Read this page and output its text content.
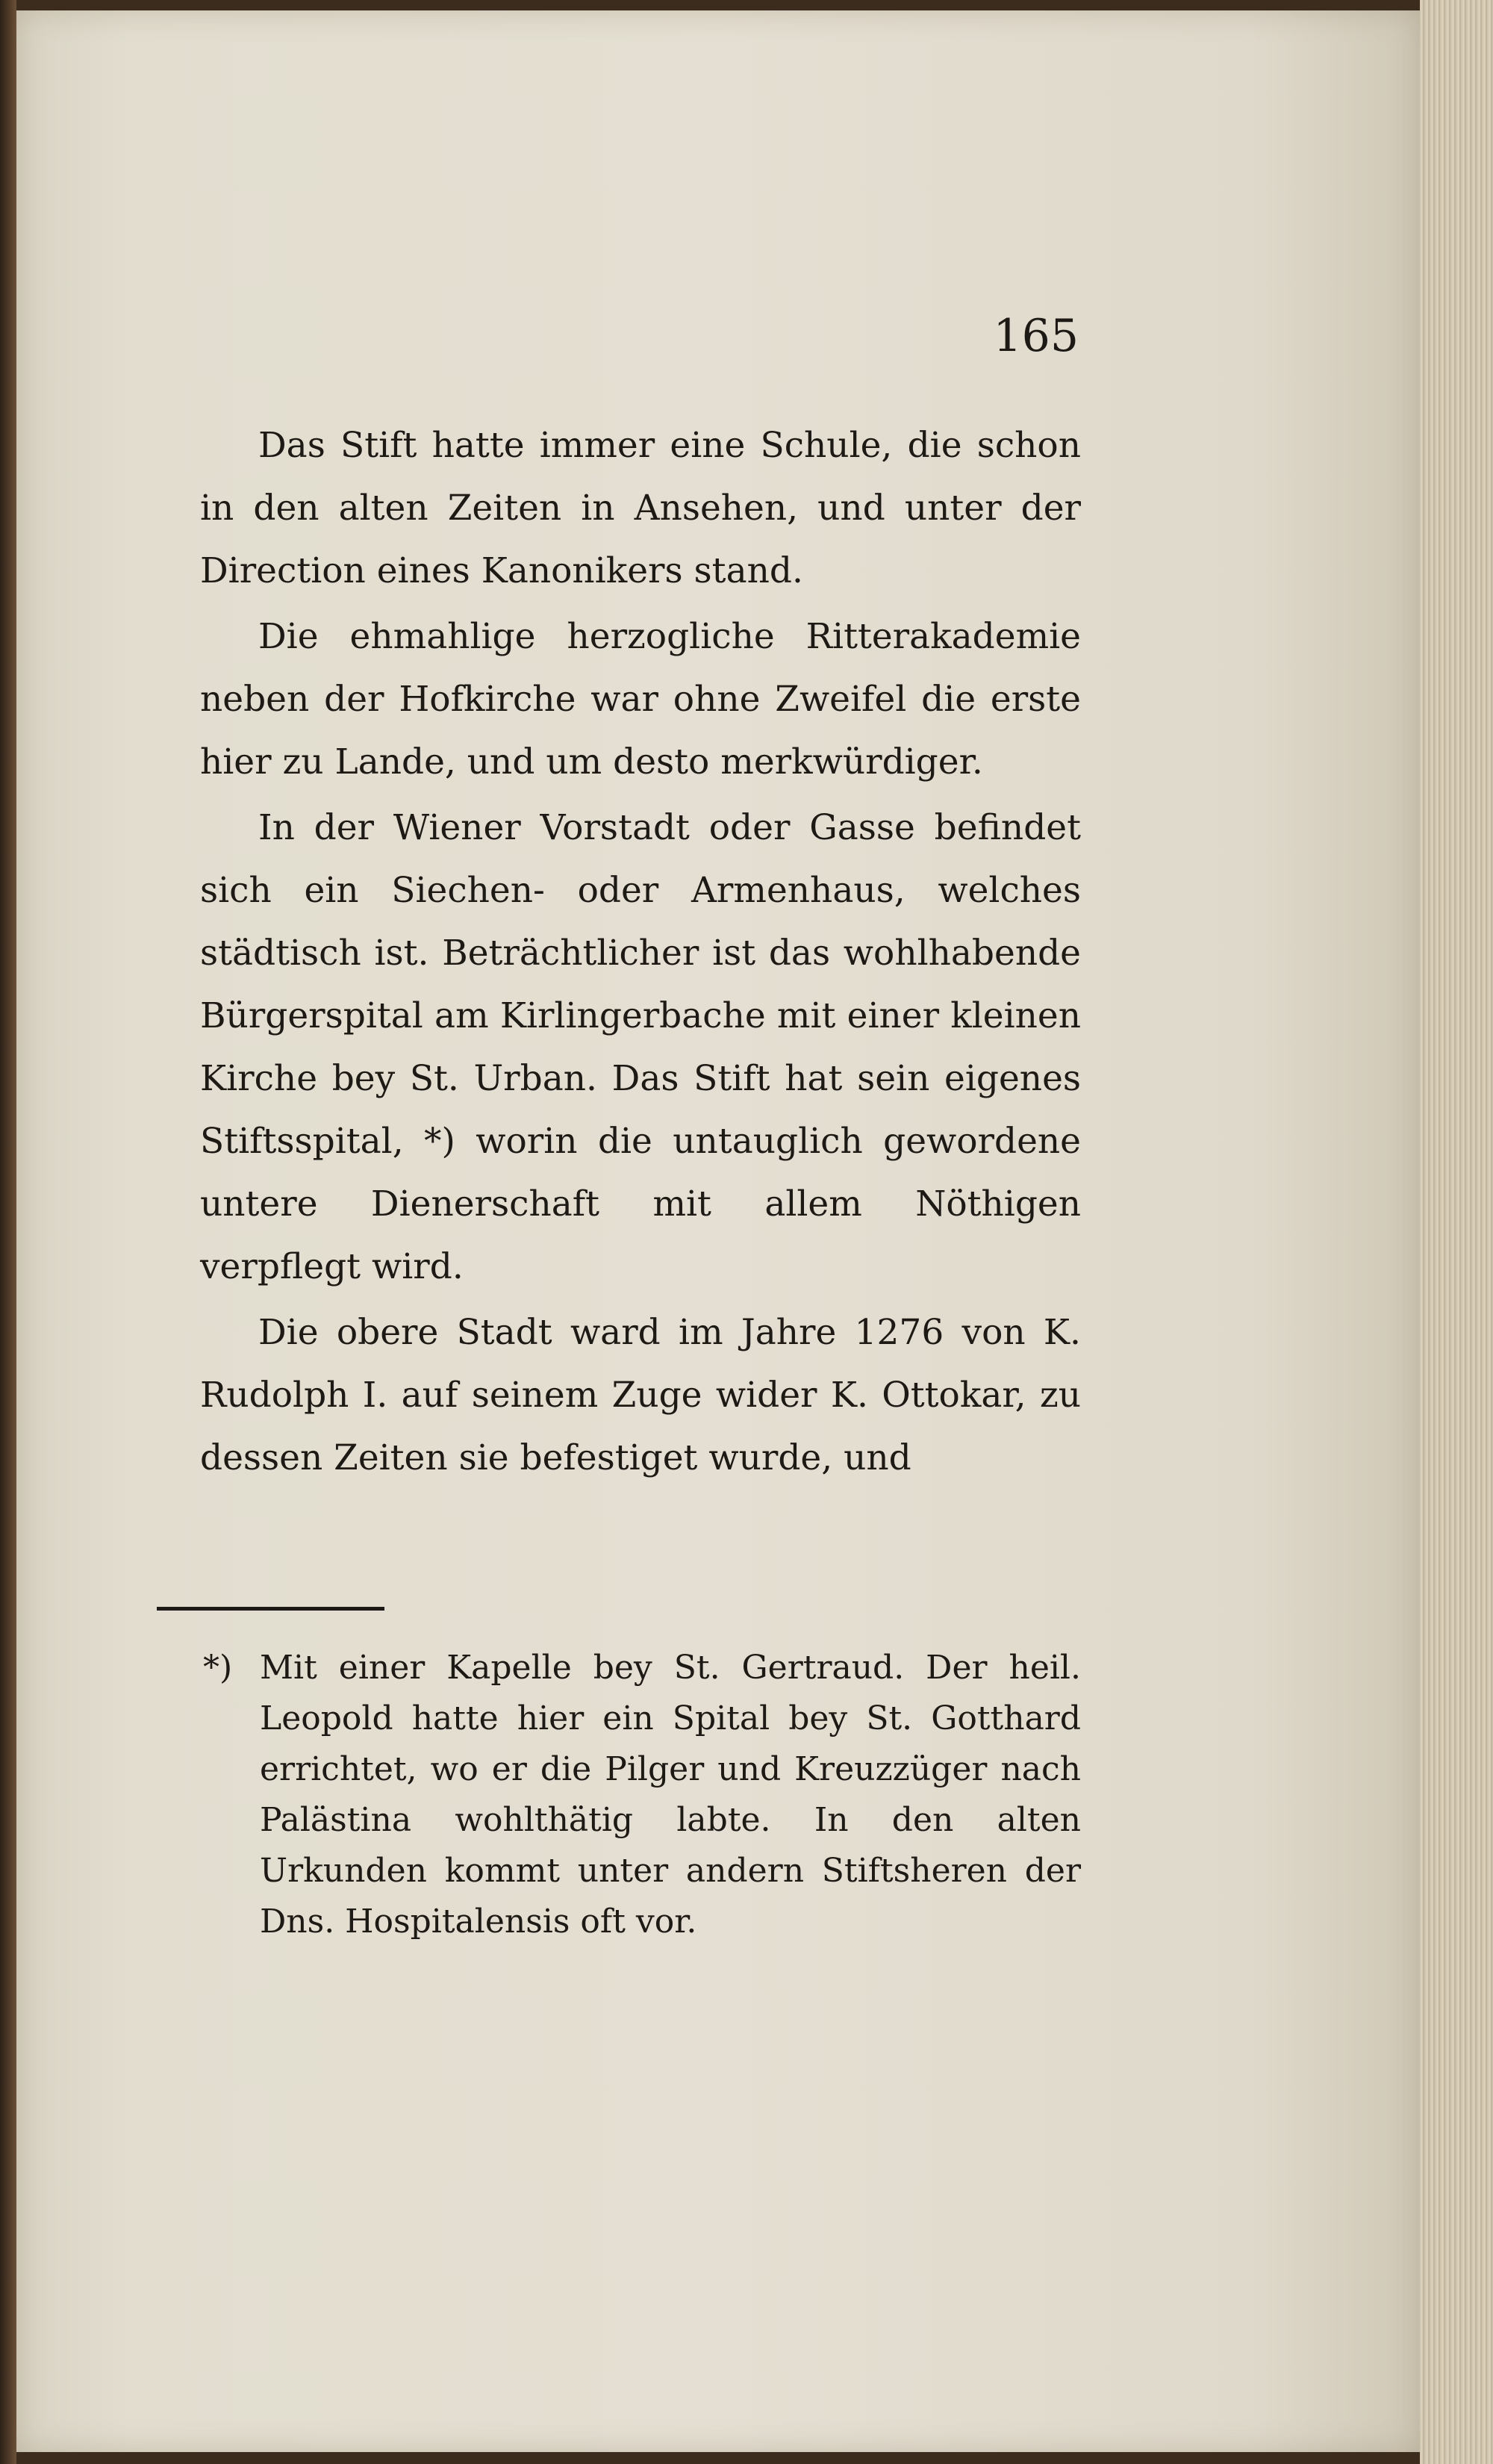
165

Das Stift hatte immer eine Schule, die schon in den alten Zeiten in Ansehen, und unter der Direction eines Kanonikers stand.

Die ehmahlige herzogliche Ritterakademie neben der Hofkirche war ohne Zweifel die erste hier zu Lande, und um desto merkwürdiger.

In der Wiener Vorstadt oder Gasse befindet sich ein Siechen- oder Armenhaus, welches städtisch ist. Beträchtlicher ist das wohlhabende Bürgerspital am Kirlingerbache mit einer kleinen Kirche bey St. Urban. Das Stift hat sein eigenes Stiftsspital, *) worin die untauglich gewordene untere Dienerschaft mit allem Nöthigen verpflegt wird.

Die obere Stadt ward im Jahre 1276 von K. Rudolph I. auf seinem Zuge wider K. Ottokar, zu dessen Zeiten sie befestiget wurde, und

*) Mit einer Kapelle bey St. Gertraud. Der heil. Leopold hatte hier ein Spital bey St. Gotthard errichtet, wo er die Pilger und Kreuzzüger nach Palästina wohlthätig labte. In den alten Urkunden kommt unter andern Stiftsheren der Dns. Hospitalensis oft vor.
